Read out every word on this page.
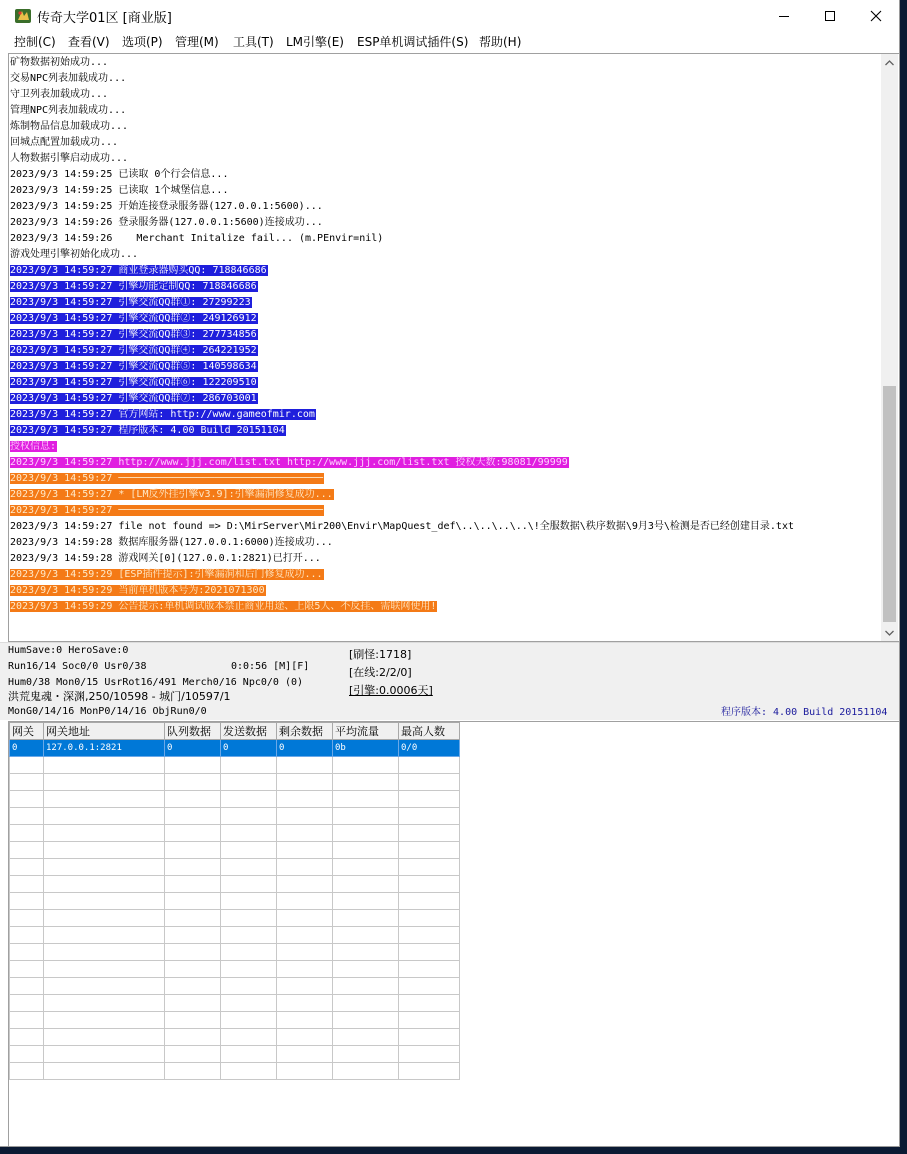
传奇大学01区 [商业版]
控制(C) 查看(V) 选项(P) 管理(M) 工具(T) LM引擎(E) ESP单机调试插件(S) 帮助(H)
矿物数据初始成功...
交易NPC列表加载成功...
守卫列表加载成功...
管理NPC列表加载成功...
炼制物品信息加载成功...
回城点配置加载成功...
人物数据引擎启动成功...
2023/9/3 14:59:25 已读取 0个行会信息...
2023/9/3 14:59:25 已读取 1个城堡信息...
2023/9/3 14:59:25 开始连接登录服务器(127.0.0.1:5600)...
2023/9/3 14:59:26 登录服务器(127.0.0.1:5600)连接成功...
2023/9/3 14:59:26    Merchant Initalize fail... (m.PEnvir=nil)
游戏处理引擎初始化成功...
2023/9/3 14:59:27 商业登录器购买QQ: 718846686
2023/9/3 14:59:27 引擎功能定制QQ: 718846686
2023/9/3 14:59:27 引擎交流QQ群①: 27299223
2023/9/3 14:59:27 引擎交流QQ群②: 249126912
2023/9/3 14:59:27 引擎交流QQ群③: 277734856
2023/9/3 14:59:27 引擎交流QQ群④: 264221952
2023/9/3 14:59:27 引擎交流QQ群⑤: 140598634
2023/9/3 14:59:27 引擎交流QQ群⑥: 122209510
2023/9/3 14:59:27 引擎交流QQ群⑦: 286703001
2023/9/3 14:59:27 官方网站: http://www.gameofmir.com
2023/9/3 14:59:27 程序版本: 4.00 Build 20151104
授权信息:
2023/9/3 14:59:27 http://www.jjj.com/list.txt http://www.jjj.com/list.txt 授权天数:98081/99999
2023/9/3 14:59:27 ──────────────────────────────────
2023/9/3 14:59:27 * [LM反外挂引擎v3.9]:引擎漏洞修复成功...
2023/9/3 14:59:27 ──────────────────────────────────
2023/9/3 14:59:27 file not found => D:\MirServer\Mir200\Envir\MapQuest_def\..\..\..\..\!全服数据\秩序数据\9月3号\检测是否已经创建目录.txt
2023/9/3 14:59:28 数据库服务器(127.0.0.1:6000)连接成功...
2023/9/3 14:59:28 游戏网关[0](127.0.0.1:2821)已打开...
2023/9/3 14:59:29 [ESP插件提示]:引擎漏洞和后门修复成功...
2023/9/3 14:59:29 当前单机版本号为:2021071300
2023/9/3 14:59:29 公告提示:单机调试版本禁止商业用途、上限5人、不反挂、需联网使用!
HumSave:0 HeroSave:0
Run16/14 Soc0/0 Usr0/38	0:0:56 [M][F]
Hum0/38 Mon0/15 UsrRot16/491 Merch0/16 Npc0/0 (0)
洪荒鬼魂・深渊,250/10598 - 城门/10597/1
MonG0/14/16 MonP0/14/16 ObjRun0/0
[刷怪:1718]
[在线:2/2/0]
[引擎:0.0006天]
程序版本: 4.00 Build 20151104
网关	网关地址	队列数据	发送数据	剩余数据	平均流量	最高人数
0	127.0.0.1:2821	0	0	0	0b	0/0
